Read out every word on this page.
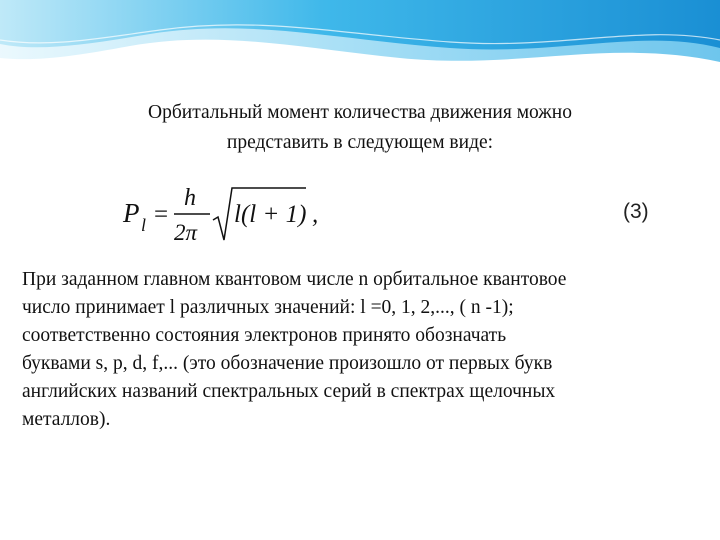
Орбитальный момент количества движения можно
представить в следующем виде:
P l =
h
2π
l(l + 1) ,	(3)

При заданном главном квантовом числе n орбитальное квантовое
число принимает l различных значений: l =0, 1, 2,..., ( n -1);
соответственно состояния электронов принято обозначать
буквами s, p, d, f,... (это обозначение произошло от первых букв
английских названий спектральных серий в спектрах щелочных
металлов).
